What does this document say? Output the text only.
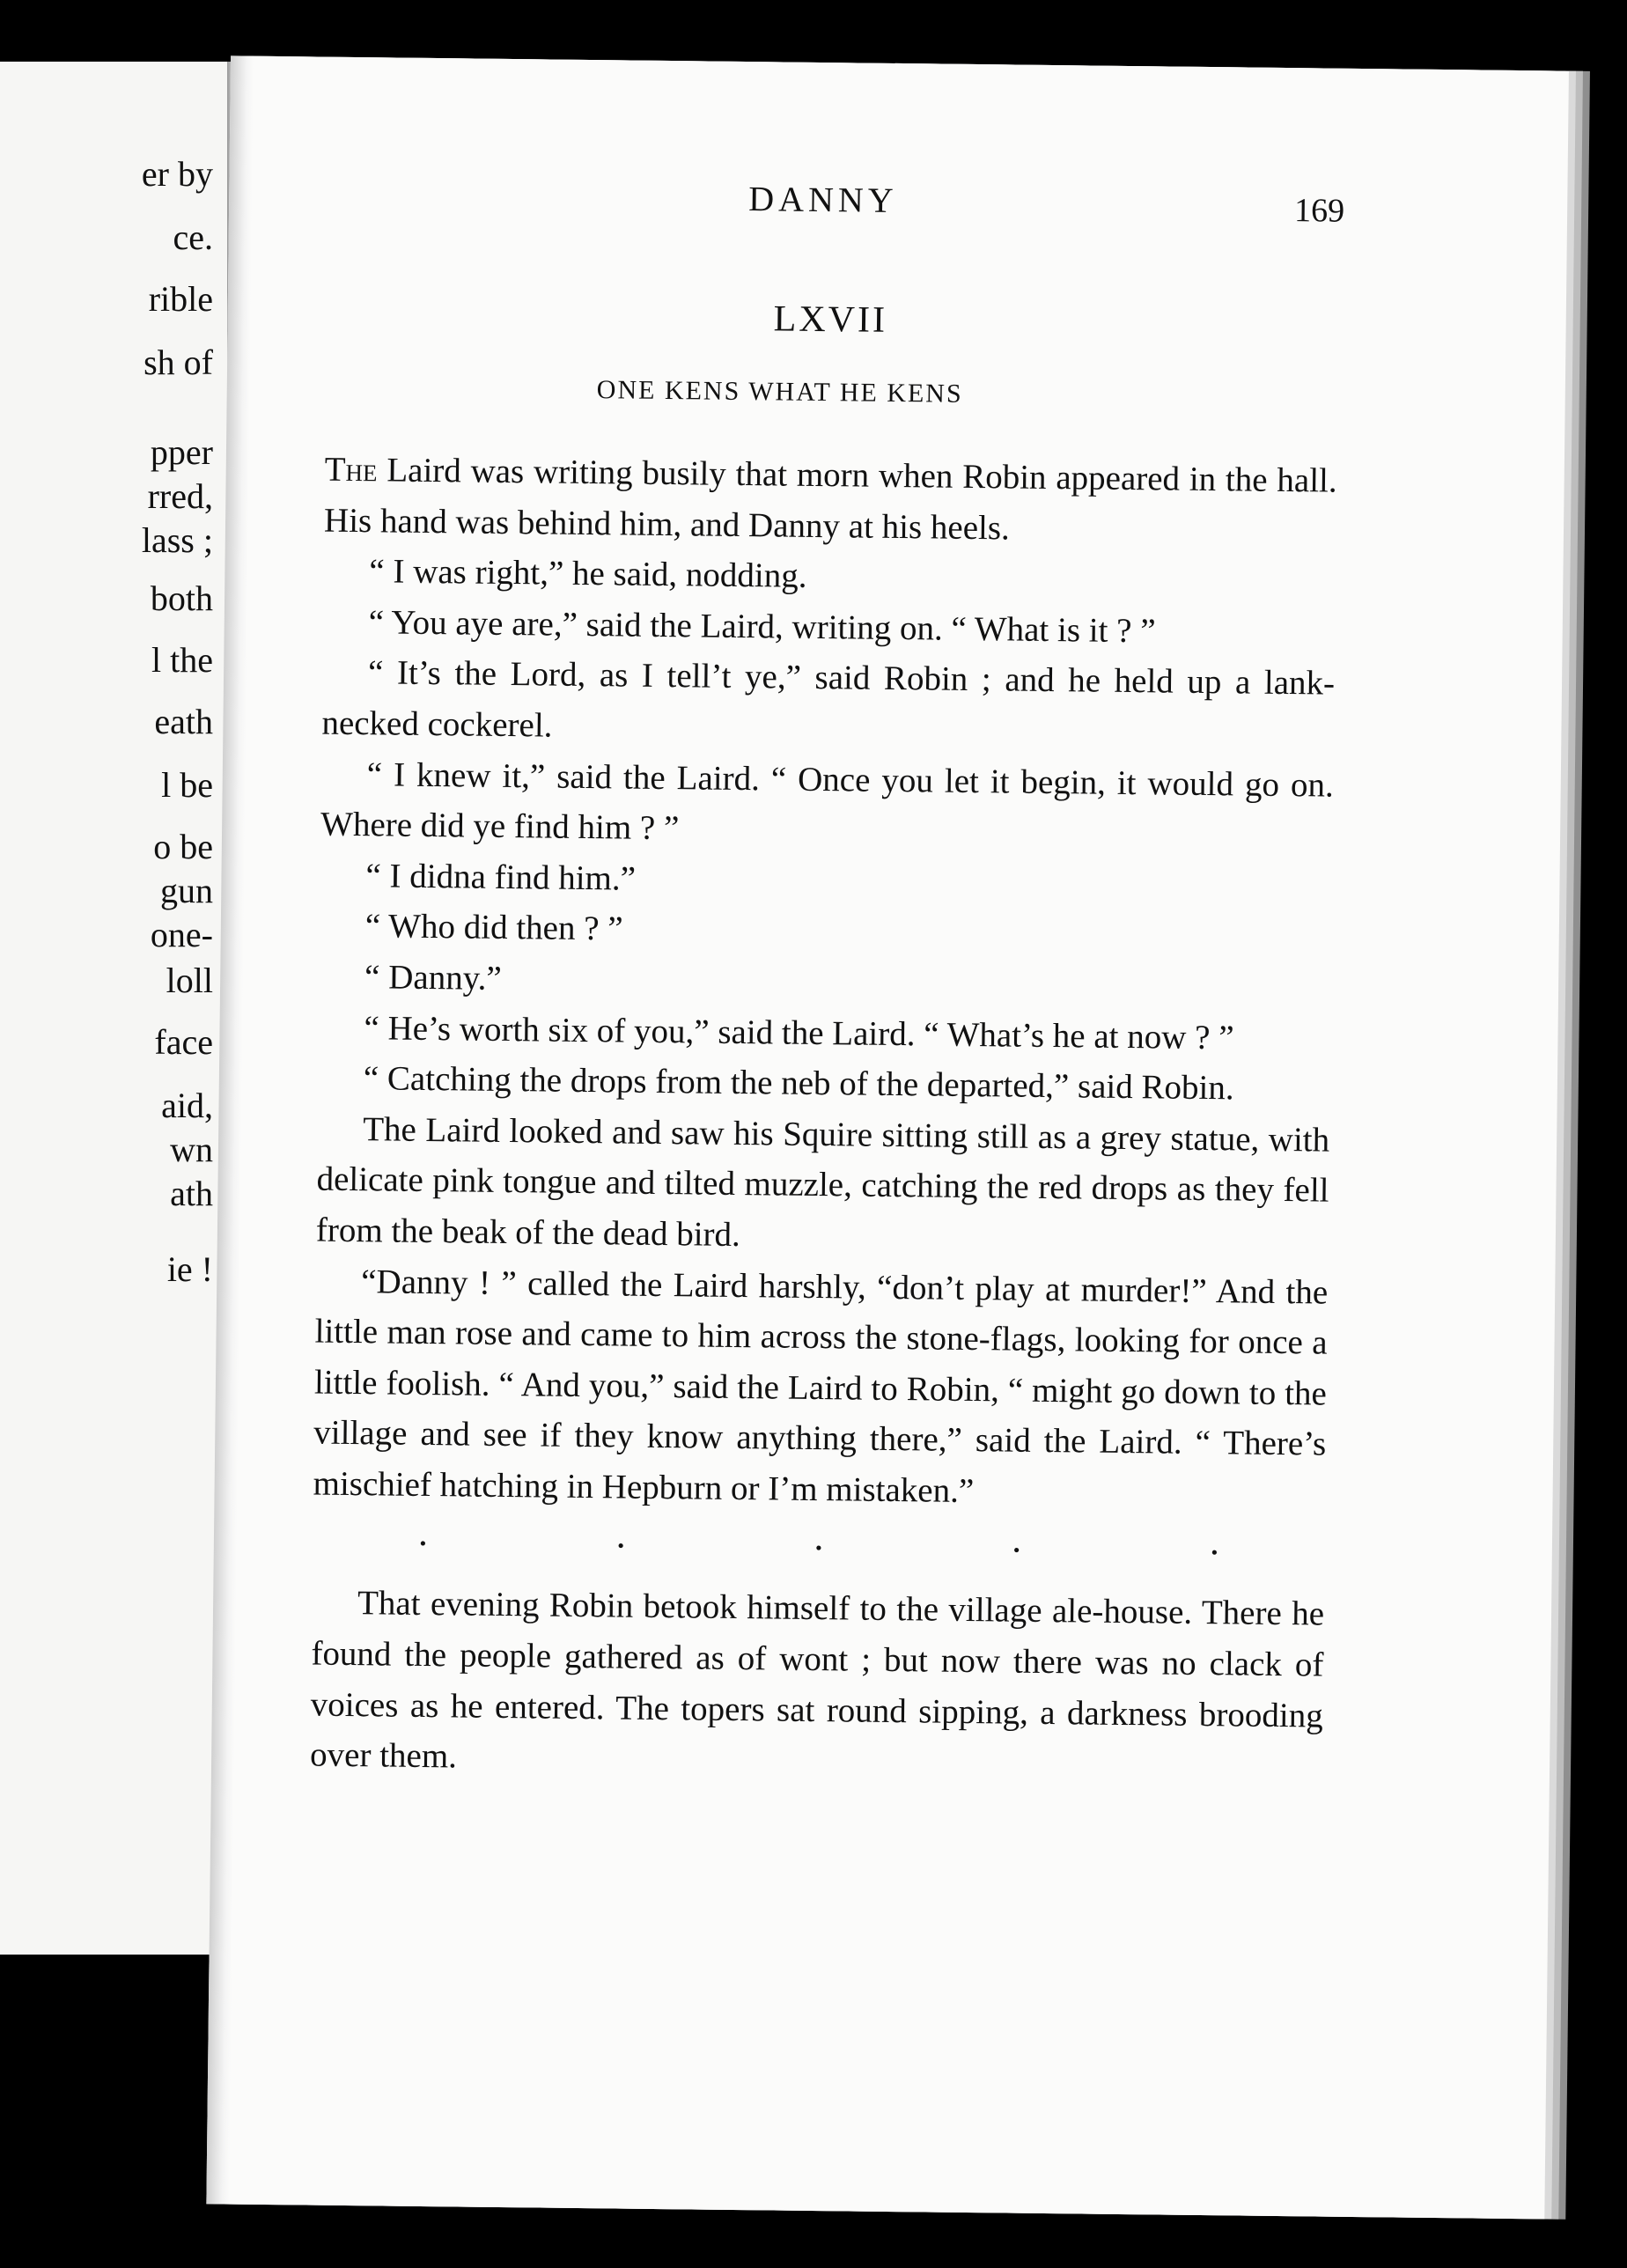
er by
ce.
rible
sh of
pper
rred,
lass ;
both
l the
eath
l be
o be
gun
one-
loll
face
aid,
wn
ath
ie !
DANNY	169
LXVII
ONE KENS WHAT HE KENS

The Laird was writing busily that morn when Robin appeared in the hall. His hand was behind him, and Danny at his heels.

“ I was right,” he said, nodding.

“ You aye are,” said the Laird, writing on. “ What is it ? ”

“ It’s the Lord, as I tell’t ye,” said Robin ; and he held up a lank-necked cockerel.

“ I knew it,” said the Laird. “ Once you let it begin, it would go on. Where did ye find him ? ”

“ I didna find him.”

“ Who did then ? ”

“ Danny.”

“ He’s worth six of you,” said the Laird. “ What’s he at now ? ”

“ Catching the drops from the neb of the departed,” said Robin.

The Laird looked and saw his Squire sitting still as a grey statue, with delicate pink tongue and tilted muzzle, catching the red drops as they fell from the beak of the dead bird.

“Danny ! ” called the Laird harshly, “don’t play at murder!” And the little man rose and came to him across the stone-flags, looking for once a little foolish. “ And you,” said the Laird to Robin, “ might go down to the village and see if they know anything there,” said the Laird. “ There’s mischief hatching in Hepburn or I’m mistaken.”

.	.	.	.	.

That evening Robin betook himself to the village ale-house. There he found the people gathered as of wont ; but now there was no clack of voices as he entered. The topers sat round sipping, a darkness brooding over them.
